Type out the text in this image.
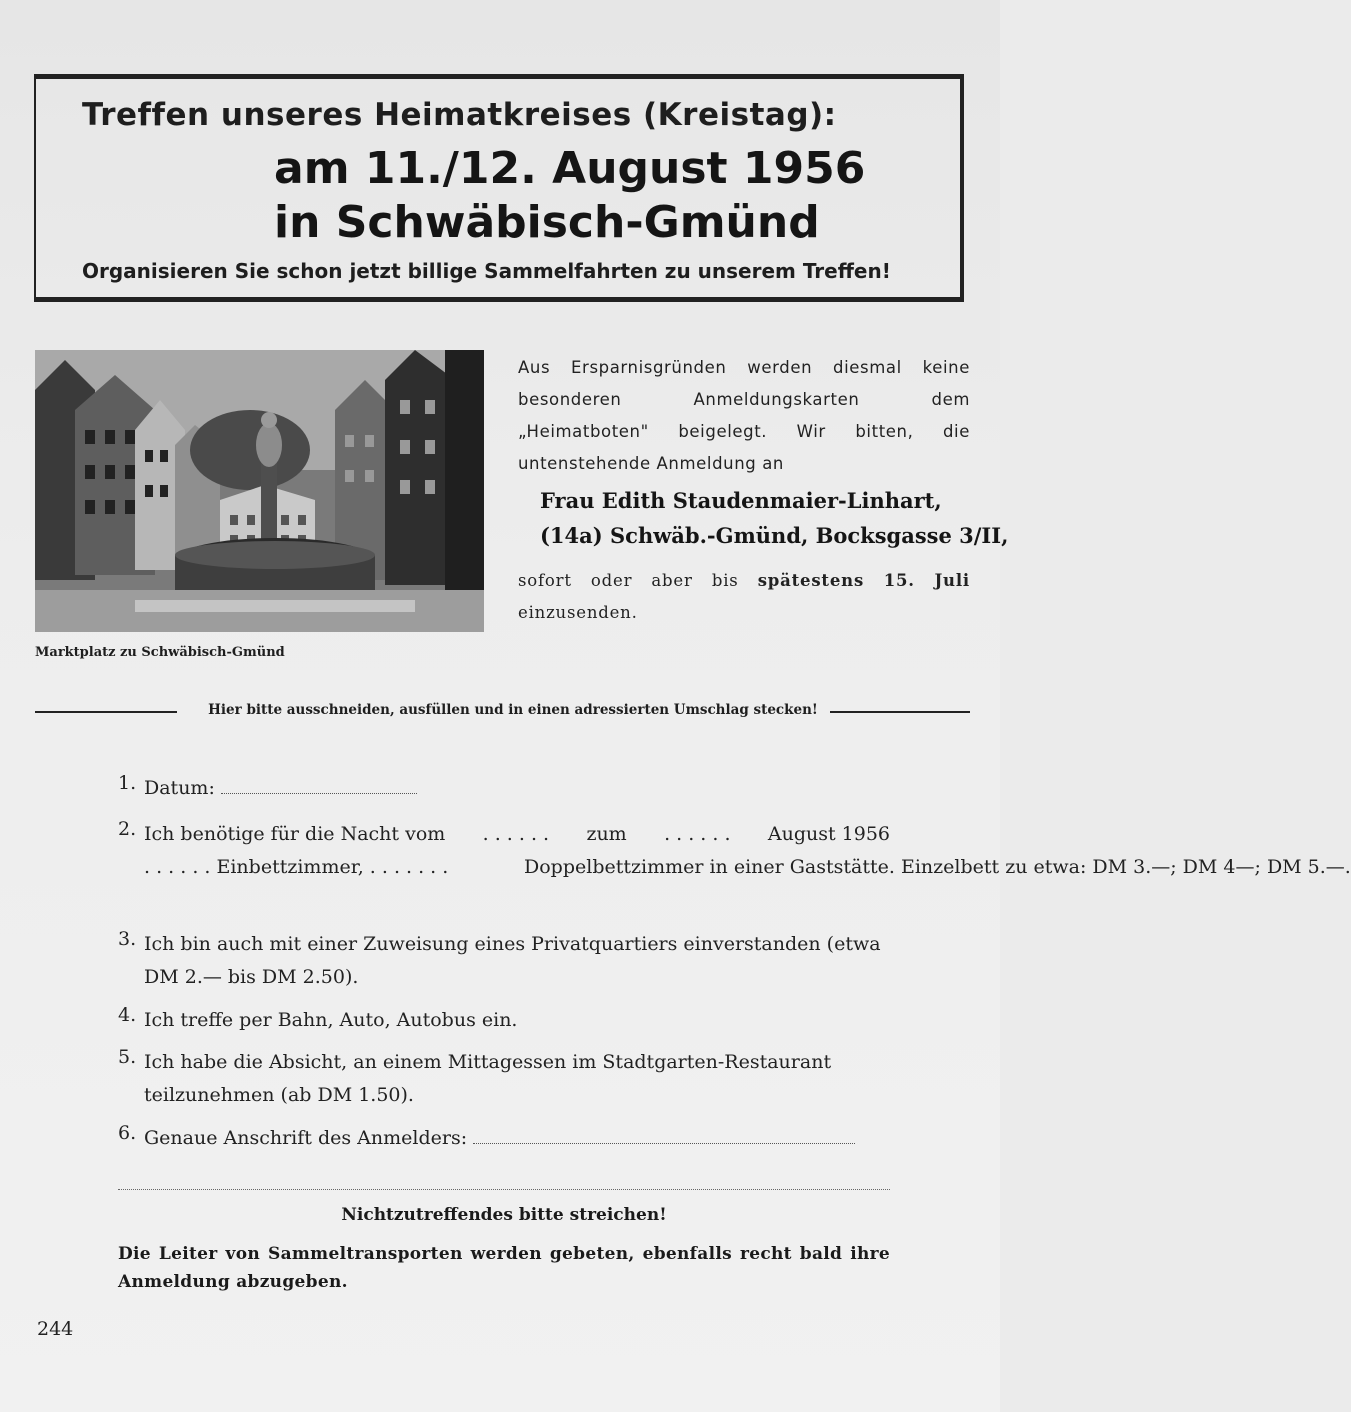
Treffen unseres Heimatkreises (Kreistag):
am 11./12. August 1956
in Schwäbisch-Gmünd
Organisieren Sie schon jetzt billige Sammelfahrten zu unserem Treffen!
Marktplatz zu Schwäbisch-Gmünd
Aus Ersparnisgründen werden diesmal keine besonderen Anmeldungskarten dem „Heimatboten" beigelegt. Wir bitten, die untenstehende Anmeldung an
Frau Edith Staudenmaier-Linhart,
(14a) Schwäb.-Gmünd, Bocksgasse 3/II,
sofort oder aber bis spätestens 15. Juli einzusenden.
Hier bitte ausschneiden, ausfüllen und in einen adressierten Umschlag stecken!
1. Datum:
2. Ich benötige für die Nacht vom . . . . . . zum . . . . . . August 1956
. . . . . . Einbettzimmer, . . . . . . .	Doppelbettzimmer in einer Gaststätte. Einzelbett zu etwa: DM 3.—; DM 4—; DM 5.—.
3. Ich bin auch mit einer Zuweisung eines Privatquartiers einverstanden (etwa DM 2.— bis DM 2.50).
4. Ich treffe per Bahn, Auto, Autobus ein.
5. Ich habe die Absicht, an einem Mittagessen im Stadtgarten-Restaurant teilzunehmen (ab DM 1.50).
6. Genaue Anschrift des Anmelders:
Nichtzutreffendes bitte streichen!
Die Leiter von Sammeltransporten werden gebeten, ebenfalls recht bald ihre Anmeldung abzugeben.
244
